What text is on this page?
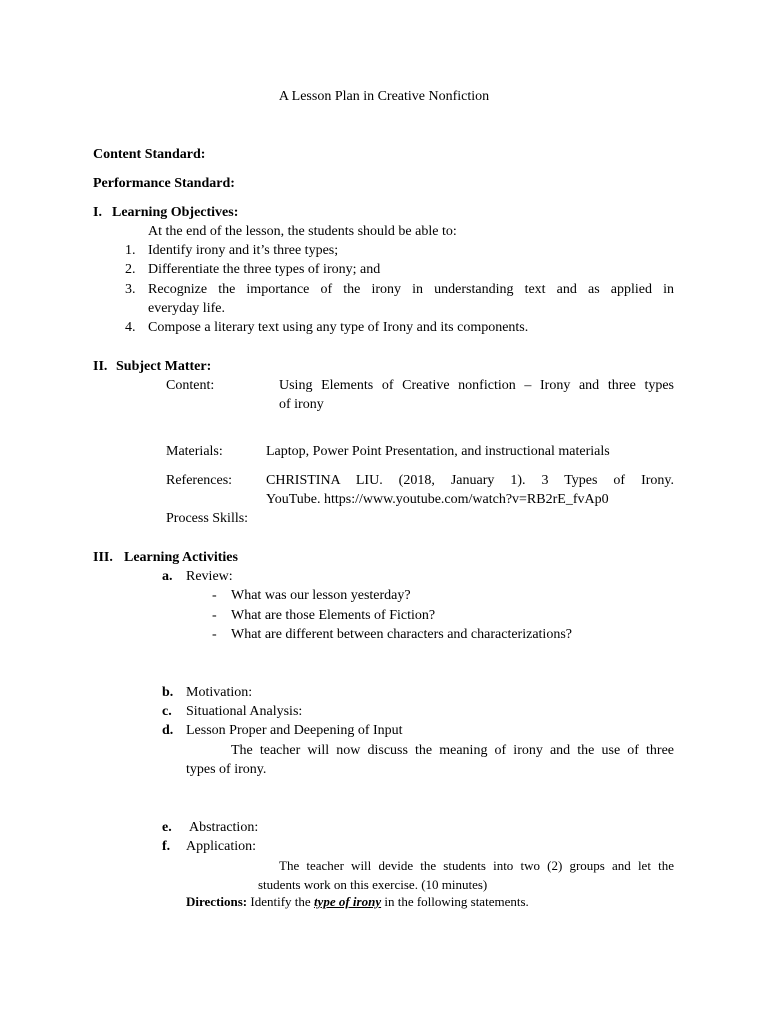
A Lesson Plan in Creative Nonfiction
Content Standard:
Performance Standard:
I. Learning Objectives:
At the end of the lesson, the students should be able to:
1. Identify irony and it’s three types;
2. Differentiate the three types of irony; and
3. Recognize the importance of the irony in understanding text and as applied in
everyday life.
4. Compose a literary text using any type of Irony and its components.
II. Subject Matter:
Content:	Using Elements of Creative nonfiction – Irony and three types
of irony
Materials:	Laptop, Power Point Presentation, and instructional materials
References: CHRISTINA LIU. (2018, January 1). 3 Types of Irony.
YouTube. https://www.youtube.com/watch?v=RB2rE_fvAp0
Process Skills:
III. Learning Activities
a. Review:
- What was our lesson yesterday?
- What are those Elements of Fiction?
- What are different between characters and characterizations?
b. Motivation:
c. Situational Analysis:
d. Lesson Proper and Deepening of Input
The teacher will now discuss the meaning of irony and the use of three
types of irony.
e. Abstraction:
f. Application:
The teacher will devide the students into two (2) groups and let the
students work on this exercise. (10 minutes)
Directions: Identify the type of irony in the following statements.
